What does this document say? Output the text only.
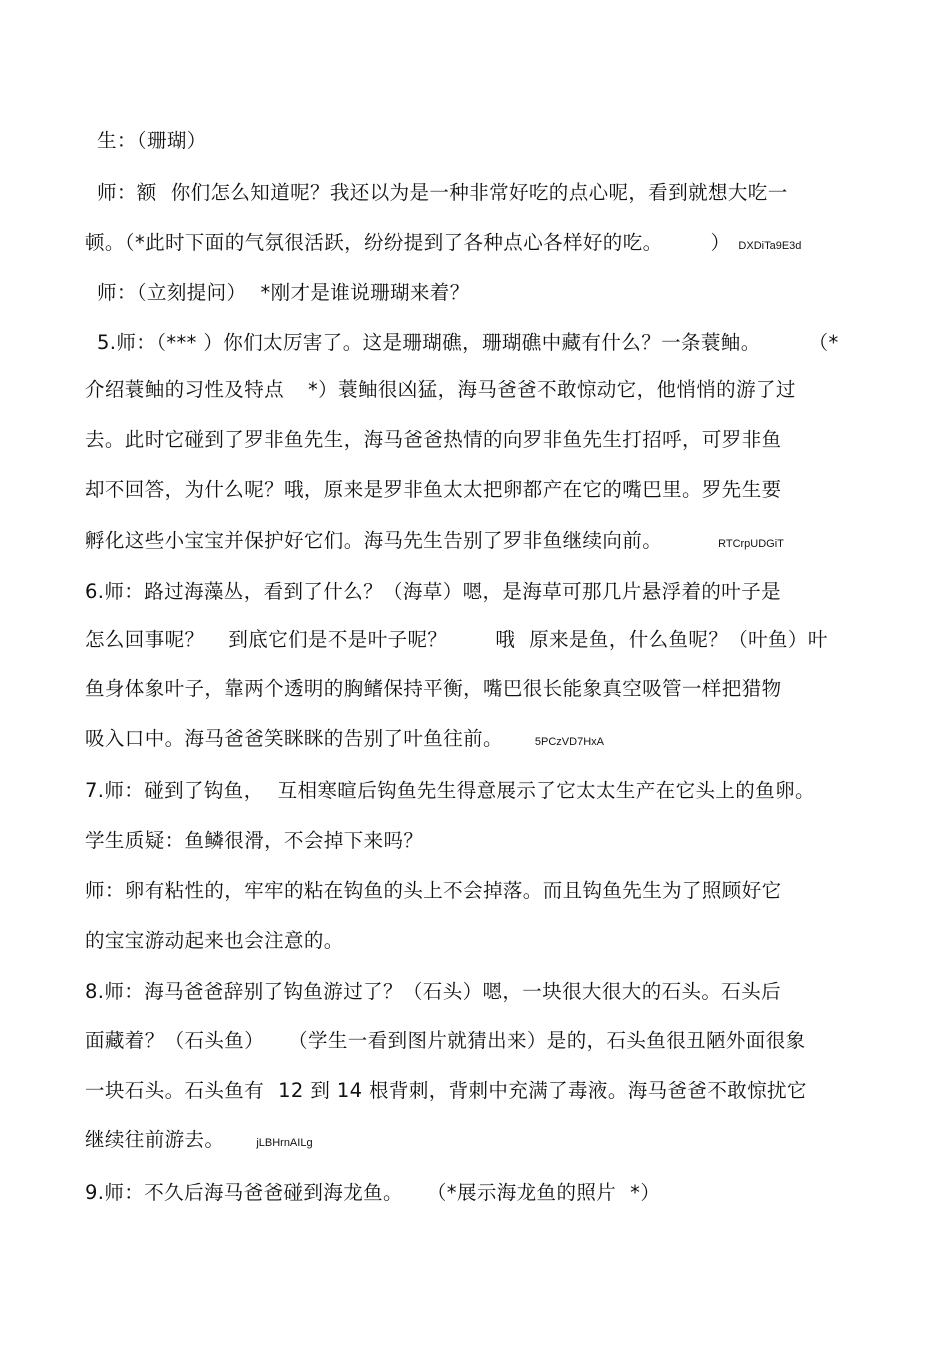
生：（珊瑚）
师：额 你们怎么知道呢？我还以为是一种非常好吃的点心呢，看到就想大吃一
顿。（*此时下面的气氛很活跃，纷纷提到了各种点心各样好的吃。 ） DXDiTa9E3d
师：（立刻提问） *刚才是谁说珊瑚来着？
5.师：（*** ）你们太厉害了。这是珊瑚礁，珊瑚礁中藏有什么？一条蓑鲉。 （*
介绍蓑鲉的习性及特点 *）蓑鲉很凶猛，海马爸爸不敢惊动它，他悄悄的游了过
去。此时它碰到了罗非鱼先生，海马爸爸热情的向罗非鱼先生打招呼，可罗非鱼
却不回答，为什么呢？哦，原来是罗非鱼太太把卵都产在它的嘴巴里。罗先生要
孵化这些小宝宝并保护好它们。海马先生告别了罗非鱼继续向前。	RTCrpUDGiT
6.师：路过海藻丛，看到了什么？（海草）嗯，是海草可那几片悬浮着的叶子是
怎么回事呢？ 到底它们是不是叶子呢？ 哦 原来是鱼，什么鱼呢？（叶鱼）叶
鱼身体象叶子，靠两个透明的胸鳍保持平衡，嘴巴很长能象真空吸管一样把猎物
吸入口中。海马爸爸笑眯眯的告别了叶鱼往前。	5PCzVD7HxA
7.师：碰到了钩鱼， 互相寒暄后钩鱼先生得意展示了它太太生产在它头上的鱼卵。
学生质疑：鱼鳞很滑，不会掉下来吗？
师：卵有粘性的，牢牢的粘在钩鱼的头上不会掉落。而且钩鱼先生为了照顾好它
的宝宝游动起来也会注意的。
8.师：海马爸爸辞别了钩鱼游过了？（石头）嗯，一块很大很大的石头。石头后
面藏着？（石头鱼） （学生一看到图片就猜出来）是的，石头鱼很丑陋外面很象
一块石头。石头鱼有 12 到 14 根背刺，背刺中充满了毒液。海马爸爸不敢惊扰它
继续往前游去。	jLBHrnAILg
9.师：不久后海马爸爸碰到海龙鱼。 （*展示海龙鱼的照片 *）
